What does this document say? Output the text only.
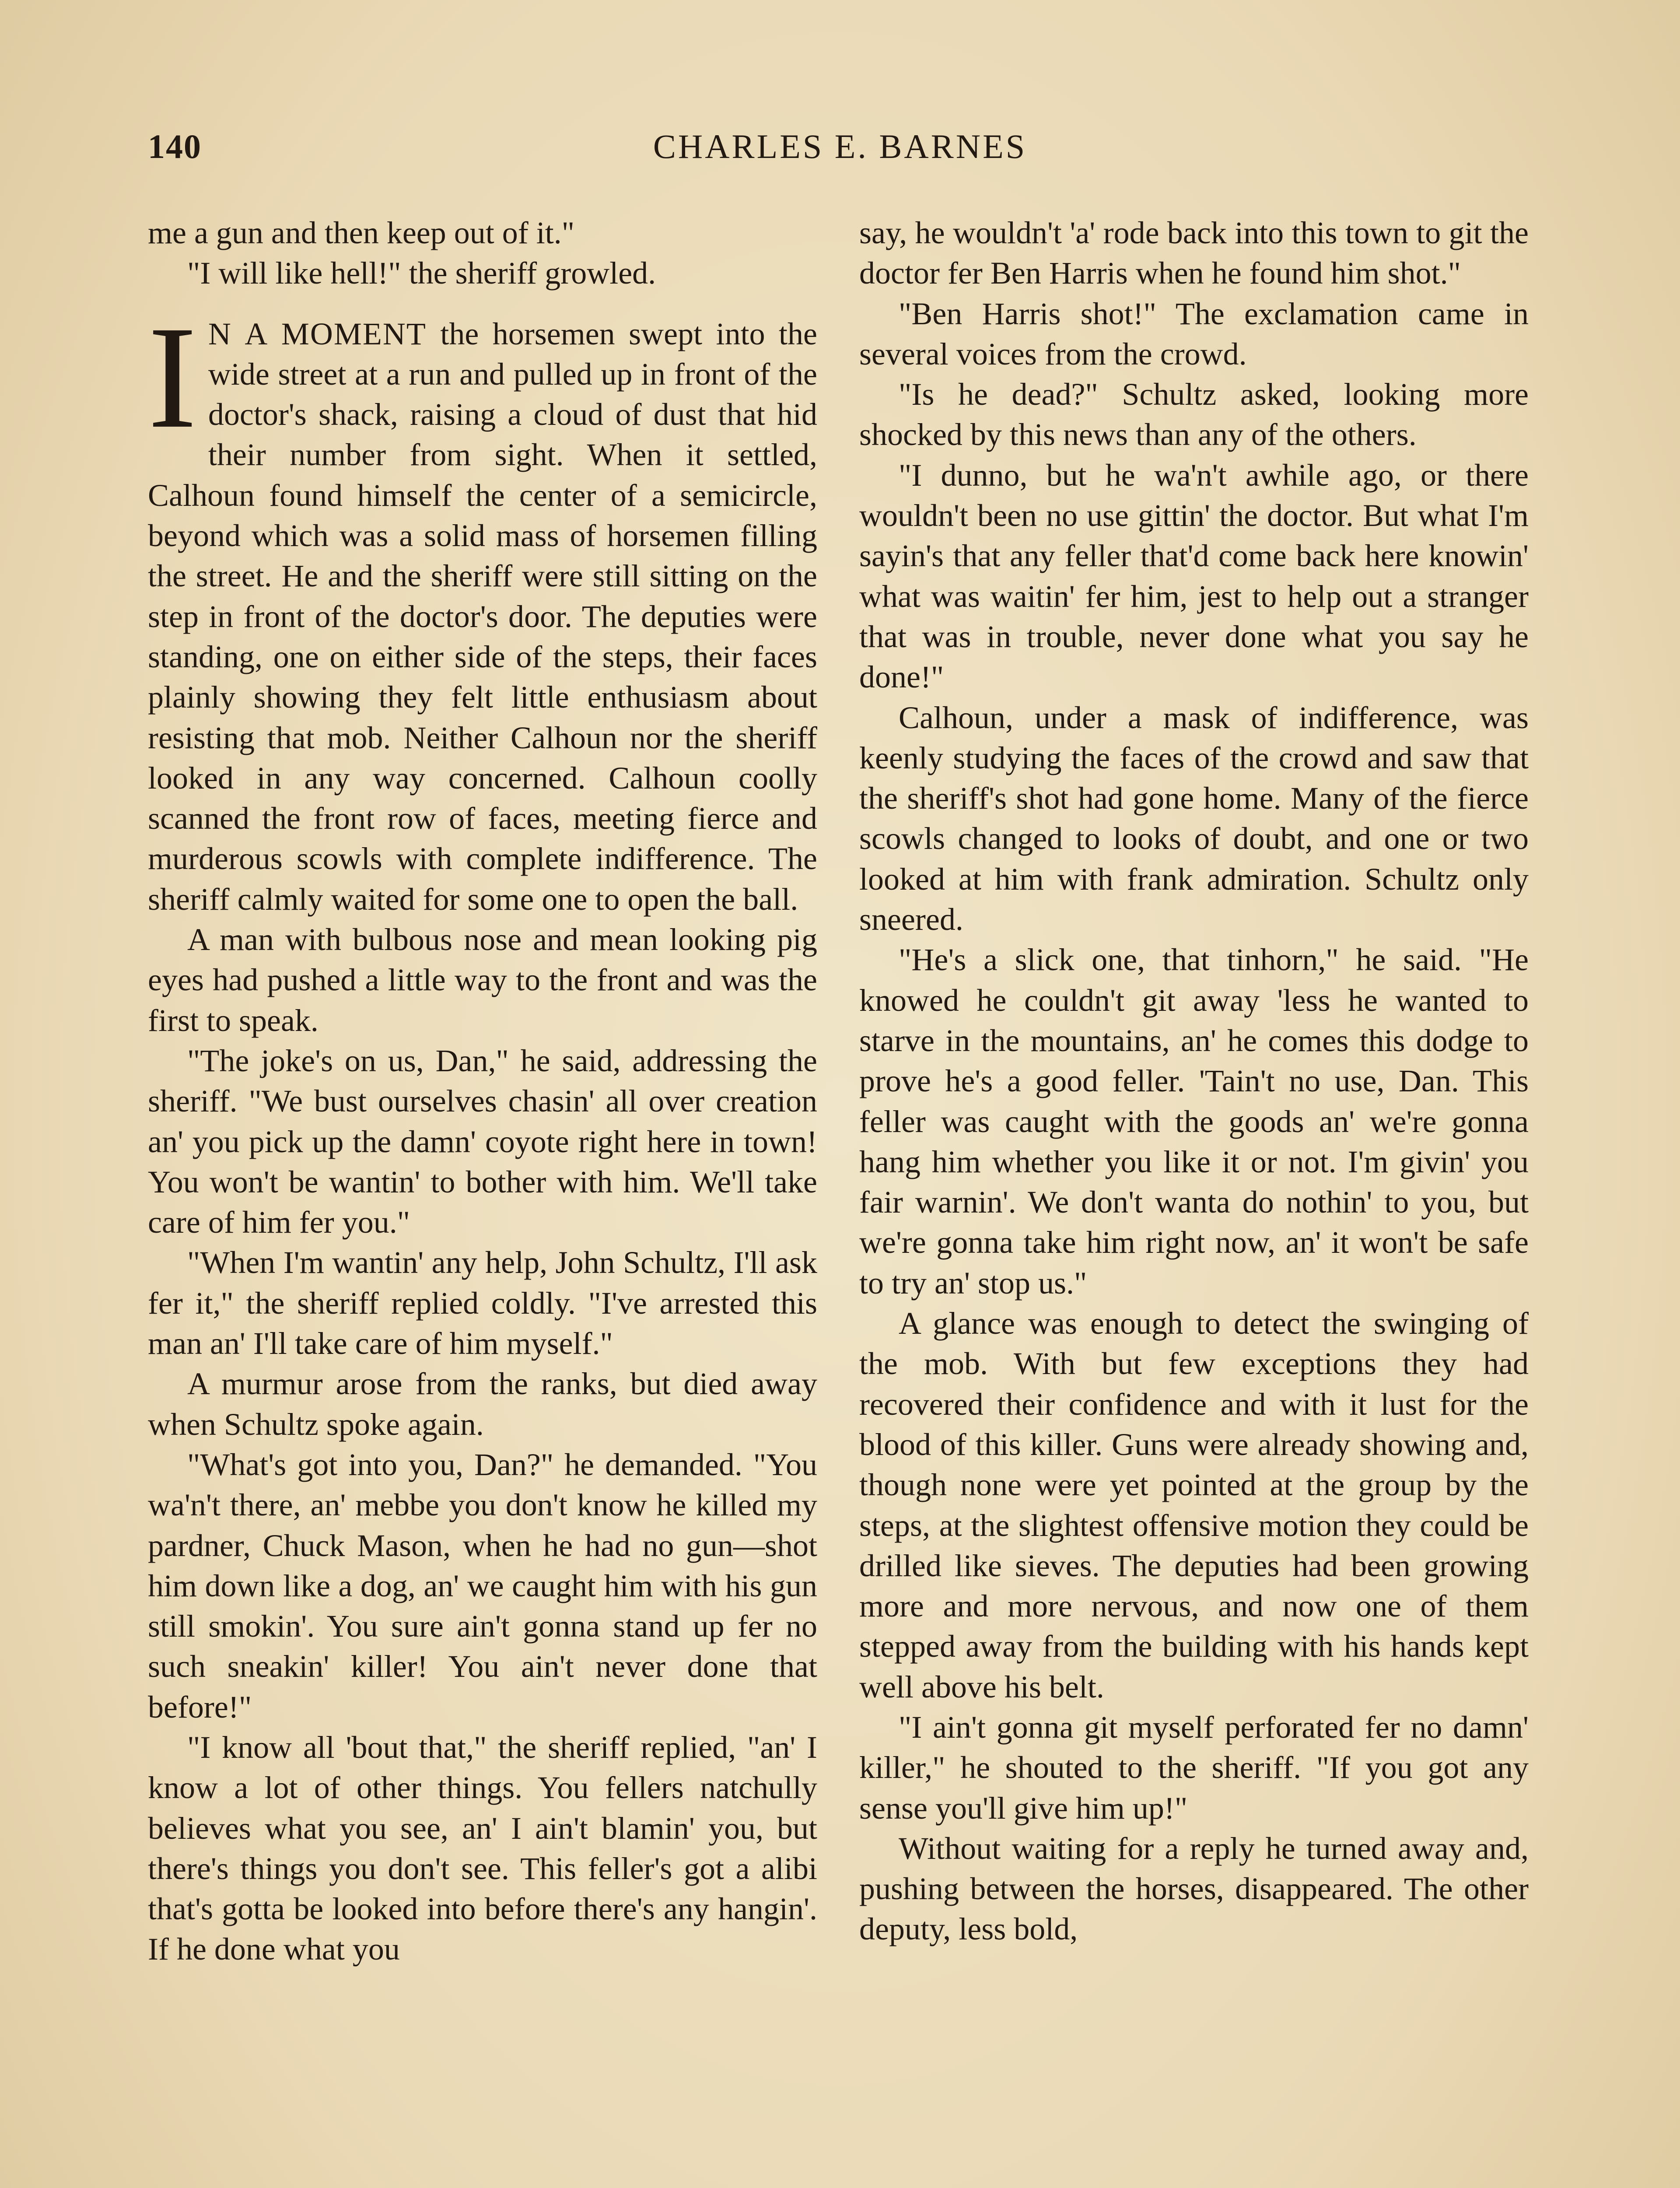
140	CHARLES E. BARNES

me a gun and then keep out of it."

"I will like hell!" the sheriff growled.

I N A MOMENT the horsemen swept into the wide street at a run and pulled up in front of the doctor's shack, raising a cloud of dust that hid their number from sight. When it settled, Calhoun found himself the center of a semicircle, beyond which was a solid mass of horsemen filling the street. He and the sheriff were still sitting on the step in front of the doctor's door. The deputies were standing, one on either side of the steps, their faces plainly showing they felt little enthusiasm about resisting that mob. Neither Calhoun nor the sheriff looked in any way concerned. Calhoun coolly scanned the front row of faces, meeting fierce and murderous scowls with complete indifference. The sheriff calmly waited for some one to open the ball.

A man with bulbous nose and mean looking pig eyes had pushed a little way to the front and was the first to speak.

"The joke's on us, Dan," he said, addressing the sheriff. "We bust ourselves chasin' all over creation an' you pick up the damn' coyote right here in town! You won't be wantin' to bother with him. We'll take care of him fer you."

"When I'm wantin' any help, John Schultz, I'll ask fer it," the sheriff replied coldly. "I've arrested this man an' I'll take care of him myself."

A murmur arose from the ranks, but died away when Schultz spoke again.

"What's got into you, Dan?" he demanded. "You wa'n't there, an' mebbe you don't know he killed my pardner, Chuck Mason, when he had no gun—shot him down like a dog, an' we caught him with his gun still smokin'. You sure ain't gonna stand up fer no such sneakin' killer! You ain't never done that before!"

"I know all 'bout that," the sheriff replied, "an' I know a lot of other things. You fellers natchully believes what you see, an' I ain't blamin' you, but there's things you don't see. This feller's got a alibi that's gotta be looked into before there's any hangin'. If he done what you

say, he wouldn't 'a' rode back into this town to git the doctor fer Ben Harris when he found him shot."

"Ben Harris shot!" The exclamation came in several voices from the crowd.

"Is he dead?" Schultz asked, looking more shocked by this news than any of the others.

"I dunno, but he wa'n't awhile ago, or there wouldn't been no use gittin' the doctor. But what I'm sayin's that any feller that'd come back here knowin' what was waitin' fer him, jest to help out a stranger that was in trouble, never done what you say he done!"

Calhoun, under a mask of indifference, was keenly studying the faces of the crowd and saw that the sheriff's shot had gone home. Many of the fierce scowls changed to looks of doubt, and one or two looked at him with frank admiration. Schultz only sneered.

"He's a slick one, that tinhorn," he said. "He knowed he couldn't git away 'less he wanted to starve in the mountains, an' he comes this dodge to prove he's a good feller. 'Tain't no use, Dan. This feller was caught with the goods an' we're gonna hang him whether you like it or not. I'm givin' you fair warnin'. We don't wanta do nothin' to you, but we're gonna take him right now, an' it won't be safe to try an' stop us."

A glance was enough to detect the swinging of the mob. With but few exceptions they had recovered their confidence and with it lust for the blood of this killer. Guns were already showing and, though none were yet pointed at the group by the steps, at the slightest offensive motion they could be drilled like sieves. The deputies had been growing more and more nervous, and now one of them stepped away from the building with his hands kept well above his belt.

"I ain't gonna git myself perforated fer no damn' killer," he shouted to the sheriff. "If you got any sense you'll give him up!"

Without waiting for a reply he turned away and, pushing between the horses, disappeared. The other deputy, less bold,
